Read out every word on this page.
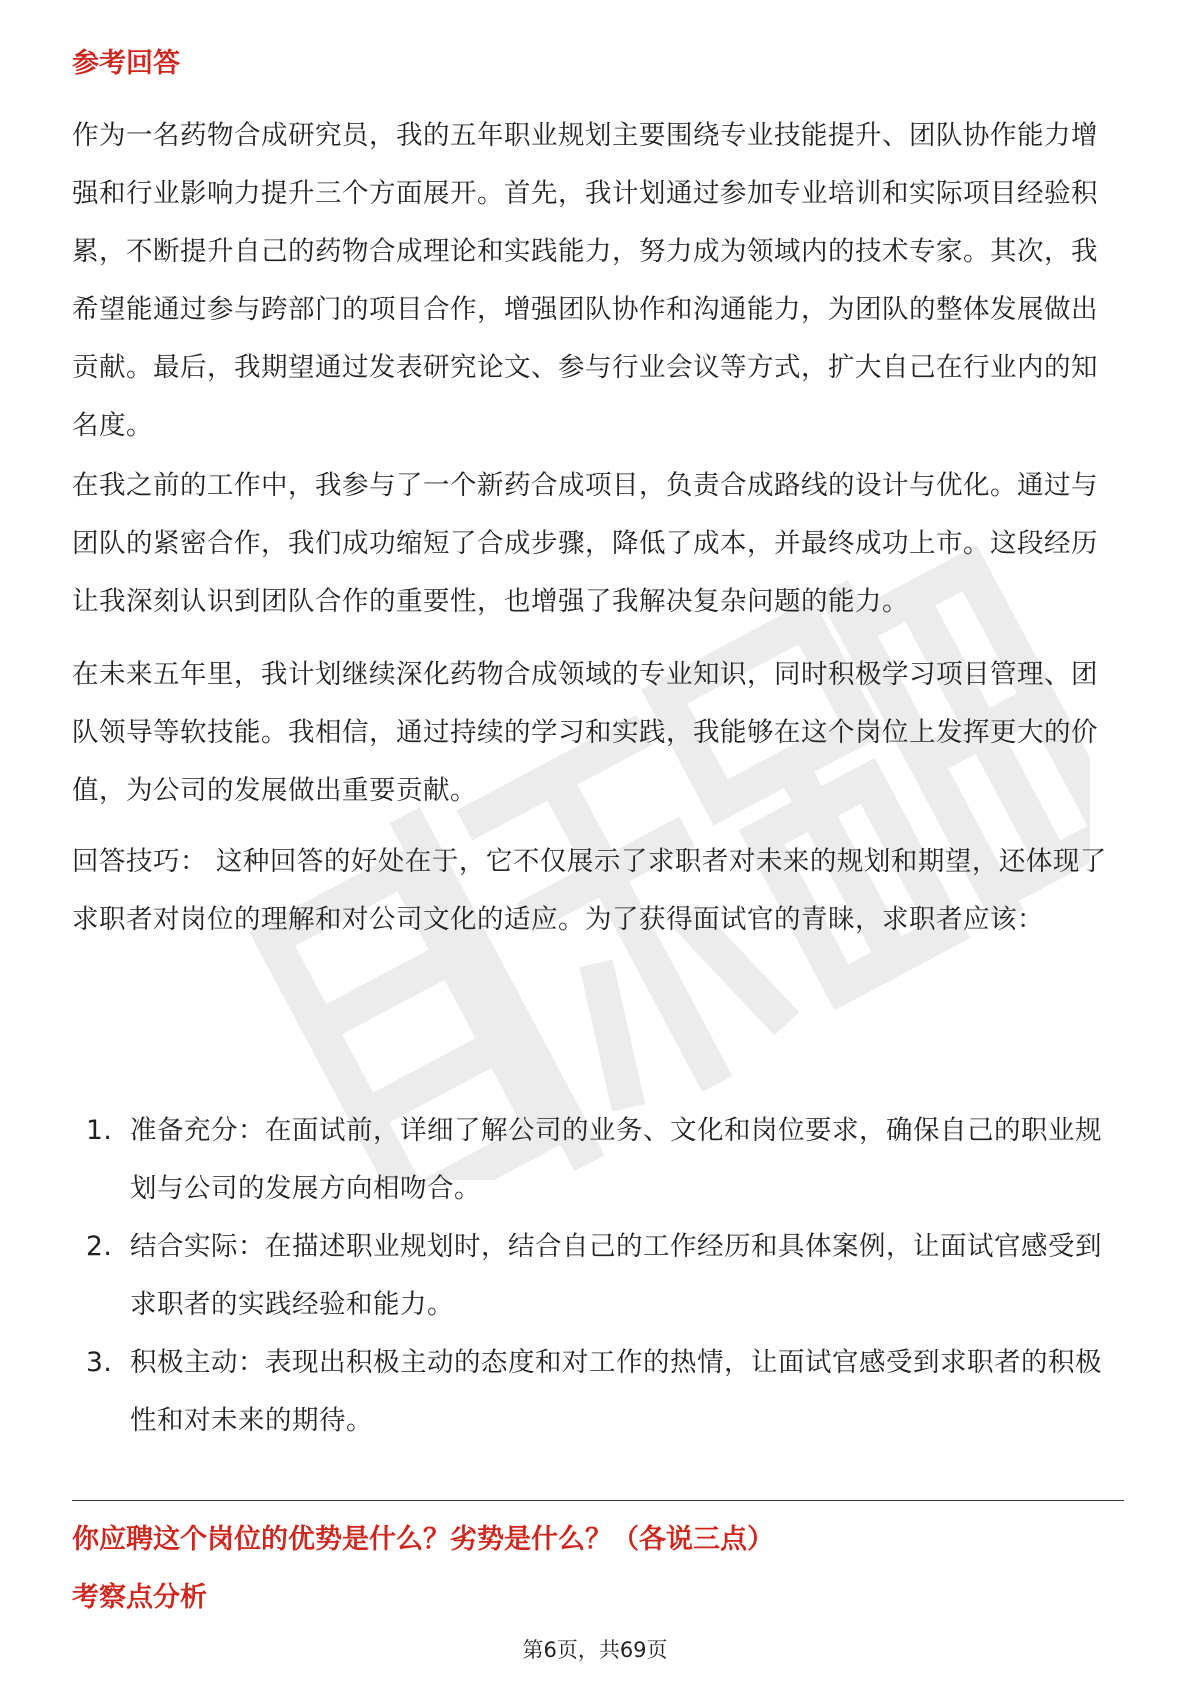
参考回答

作为一名药物合成研究员，我的五年职业规划主要围绕专业技能提升、团队协作能力增强和行业影响力提升三个方面展开。首先，我计划通过参加专业培训和实际项目经验积累，不断提升自己的药物合成理论和实践能力，努力成为领域内的技术专家。其次，我希望能通过参与跨部门的项目合作，增强团队协作和沟通能力，为团队的整体发展做出贡献。最后，我期望通过发表研究论文、参与行业会议等方式，扩大自己在行业内的知名度。

在我之前的工作中，我参与了一个新药合成项目，负责合成路线的设计与优化。通过与团队的紧密合作，我们成功缩短了合成步骤，降低了成本，并最终成功上市。这段经历让我深刻认识到团队合作的重要性，也增强了我解决复杂问题的能力。

在未来五年里，我计划继续深化药物合成领域的专业知识，同时积极学习项目管理、团队领导等软技能。我相信，通过持续的学习和实践，我能够在这个岗位上发挥更大的价值，为公司的发展做出重要贡献。

回答技巧： 这种回答的好处在于，它不仅展示了求职者对未来的规划和期望，还体现了求职者对岗位的理解和对公司文化的适应。为了获得面试官的青睐，求职者应该：

1. 准备充分：在面试前，详细了解公司的业务、文化和岗位要求，确保自己的职业规划与公司的发展方向相吻合。
2. 结合实际：在描述职业规划时，结合自己的工作经历和具体案例，让面试官感受到求职者的实践经验和能力。
3. 积极主动：表现出积极主动的态度和对工作的热情，让面试官感受到求职者的积极性和对未来的期待。
你应聘这个岗位的优势是什么？劣势是什么？（各说三点）
考察点分析
第6页，共69页
